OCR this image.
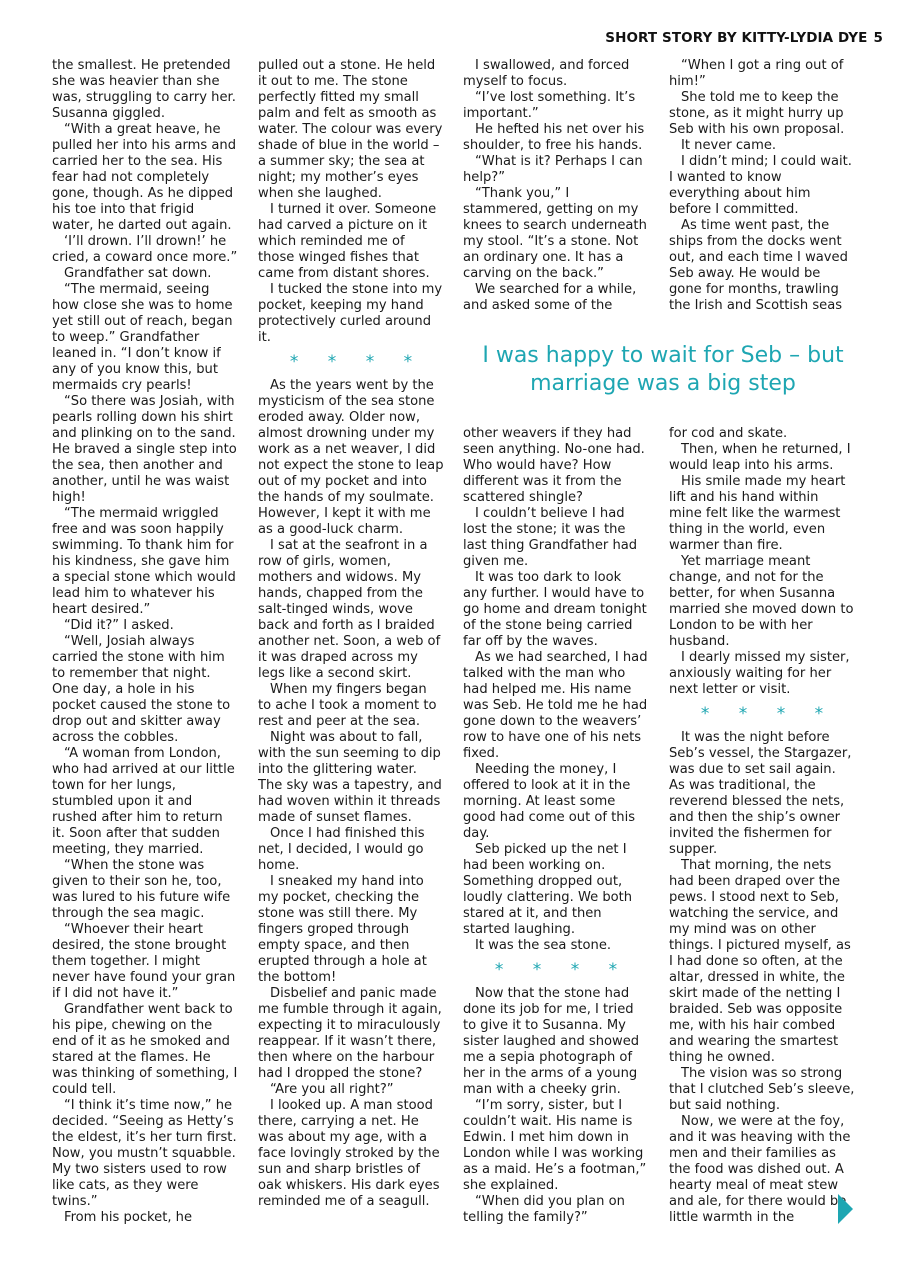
SHORT STORY BY KITTY-LYDIA DYE 5

the smallest. He pretended she was heavier than she was, struggling to carry her. Susanna giggled.

“With a great heave, he pulled her into his arms and carried her to the sea. His fear had not completely gone, though. As he dipped his toe into that frigid water, he darted out again.

‘I’ll drown. I’ll drown!’ he cried, a coward once more.”

Grandfather sat down.

“The mermaid, seeing how close she was to home yet still out of reach, began to weep.” Grandfather leaned in. “I don’t know if any of you know this, but mermaids cry pearls!

“So there was Josiah, with pearls rolling down his shirt and plinking on to the sand. He braved a single step into the sea, then another and another, until he was waist high!

“The mermaid wriggled free and was soon happily swimming. To thank him for his kindness, she gave him a special stone which would lead him to whatever his heart desired.”

“Did it?” I asked.

“Well, Josiah always carried the stone with him to remember that night. One day, a hole in his pocket caused the stone to drop out and skitter away across the cobbles.

“A woman from London, who had arrived at our little town for her lungs, stumbled upon it and rushed after him to return it. Soon after that sudden meeting, they married.

“When the stone was given to their son he, too, was lured to his future wife through the sea magic.

“Whoever their heart desired, the stone brought them together. I might never have found your gran if I did not have it.”

Grandfather went back to his pipe, chewing on the end of it as he smoked and stared at the flames. He was thinking of something, I could tell.

“I think it’s time now,” he decided. “Seeing as Hetty’s the eldest, it’s her turn first. Now, you mustn’t squabble. My two sisters used to row like cats, as they were twins.”

From his pocket, he

pulled out a stone. He held it out to me. The stone perfectly fitted my small palm and felt as smooth as water. The colour was every shade of blue in the world – a summer sky; the sea at night; my mother’s eyes when she laughed.

I turned it over. Someone had carved a picture on it which reminded me of those winged fishes that came from distant shores.

I tucked the stone into my pocket, keeping my hand protectively curled around it.

* * * *

As the years went by the mysticism of the sea stone eroded away. Older now, almost drowning under my work as a net weaver, I did not expect the stone to leap out of my pocket and into the hands of my soulmate. However, I kept it with me as a good-luck charm.

I sat at the seafront in a row of girls, women, mothers and widows. My hands, chapped from the salt-tinged winds, wove back and forth as I braided another net. Soon, a web of it was draped across my legs like a second skirt.

When my fingers began to ache I took a moment to rest and peer at the sea.

Night was about to fall, with the sun seeming to dip into the glittering water. The sky was a tapestry, and had woven within it threads made of sunset flames.

Once I had finished this net, I decided, I would go home.

I sneaked my hand into my pocket, checking the stone was still there. My fingers groped through empty space, and then erupted through a hole at the bottom!

Disbelief and panic made me fumble through it again, expecting it to miraculously reappear. If it wasn’t there, then where on the harbour had I dropped the stone?

“Are you all right?”

I looked up. A man stood there, carrying a net. He was about my age, with a face lovingly stroked by the sun and sharp bristles of oak whiskers. His dark eyes reminded me of a seagull.

I swallowed, and forced myself to focus.

“I’ve lost something. It’s important.”

He hefted his net over his shoulder, to free his hands.

“What is it? Perhaps I can help?”

“Thank you,” I stammered, getting on my knees to search underneath my stool. “It’s a stone. Not an ordinary one. It has a carving on the back.”

We searched for a while, and asked some of the

“When I got a ring out of him!”

She told me to keep the stone, as it might hurry up Seb with his own proposal.

It never came.

I didn’t mind; I could wait. I wanted to know everything about him before I committed.

As time went past, the ships from the docks went out, and each time I waved Seb away. He would be gone for months, trawling the Irish and Scottish seas

I was happy to wait for Seb – but marriage was a big step

other weavers if they had seen anything. No-one had. Who would have? How different was it from the scattered shingle?

I couldn’t believe I had lost the stone; it was the last thing Grandfather had given me.

It was too dark to look any further. I would have to go home and dream tonight of the stone being carried far off by the waves.

As we had searched, I had talked with the man who had helped me. His name was Seb. He told me he had gone down to the weavers’ row to have one of his nets fixed.

Needing the money, I offered to look at it in the morning. At least some good had come out of this day.

Seb picked up the net I had been working on. Something dropped out, loudly clattering. We both stared at it, and then started laughing.

It was the sea stone.

* * * *

Now that the stone had done its job for me, I tried to give it to Susanna. My sister laughed and showed me a sepia photograph of her in the arms of a young man with a cheeky grin.

“I’m sorry, sister, but I couldn’t wait. His name is Edwin. I met him down in London while I was working as a maid. He’s a footman,” she explained.

“When did you plan on telling the family?”

for cod and skate.

Then, when he returned, I would leap into his arms.

His smile made my heart lift and his hand within mine felt like the warmest thing in the world, even warmer than fire.

Yet marriage meant change, and not for the better, for when Susanna married she moved down to London to be with her husband.

I dearly missed my sister, anxiously waiting for her next letter or visit.

* * * *

It was the night before Seb’s vessel, the Stargazer, was due to set sail again. As was traditional, the reverend blessed the nets, and then the ship’s owner invited the fishermen for supper.

That morning, the nets had been draped over the pews. I stood next to Seb, watching the service, and my mind was on other things. I pictured myself, as I had done so often, at the altar, dressed in white, the skirt made of the netting I braided. Seb was opposite me, with his hair combed and wearing the smartest thing he owned.

The vision was so strong that I clutched Seb’s sleeve, but said nothing.

Now, we were at the foy, and it was heaving with the men and their families as the food was dished out. A hearty meal of meat stew and ale, for there would be little warmth in the
